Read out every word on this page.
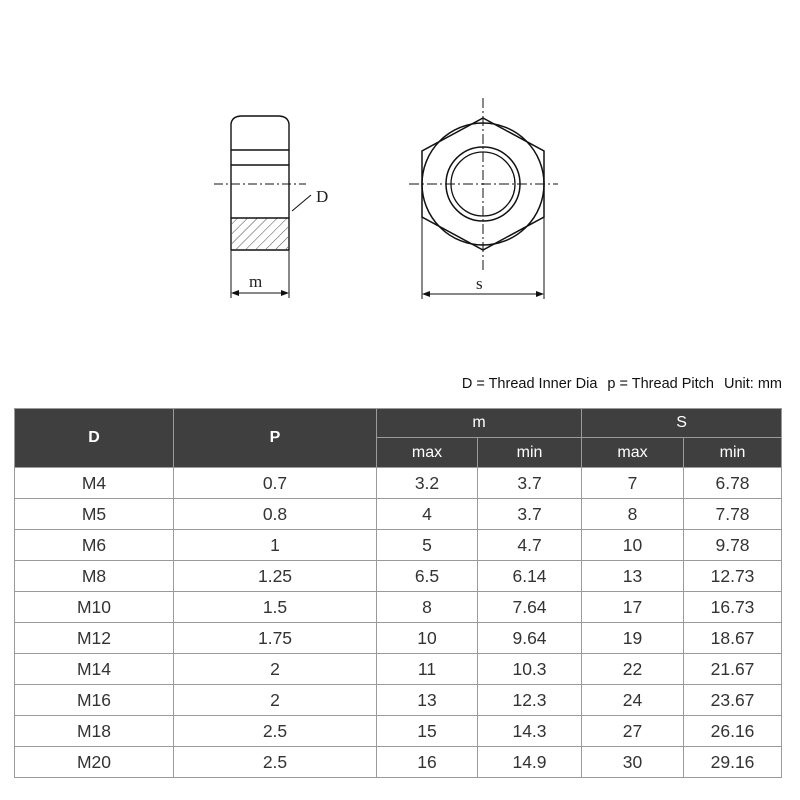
D
m	s
D = Thread Inner Dia p = Thread Pitch Unit: mm
D	P	m		S	
		max	min	max	min
M4	0.7	3.2	3.7	7	6.78
M5	0.8	4	3.7	8	7.78
M6	1	5	4.7	10	9.78
M8	1.25	6.5	6.14	13	12.73
M10	1.5	8	7.64	17	16.73
M12	1.75	10	9.64	19	18.67
M14	2	11	10.3	22	21.67
M16	2	13	12.3	24	23.67
M18	2.5	15	14.3	27	26.16
M20	2.5	16	14.9	30	29.16
